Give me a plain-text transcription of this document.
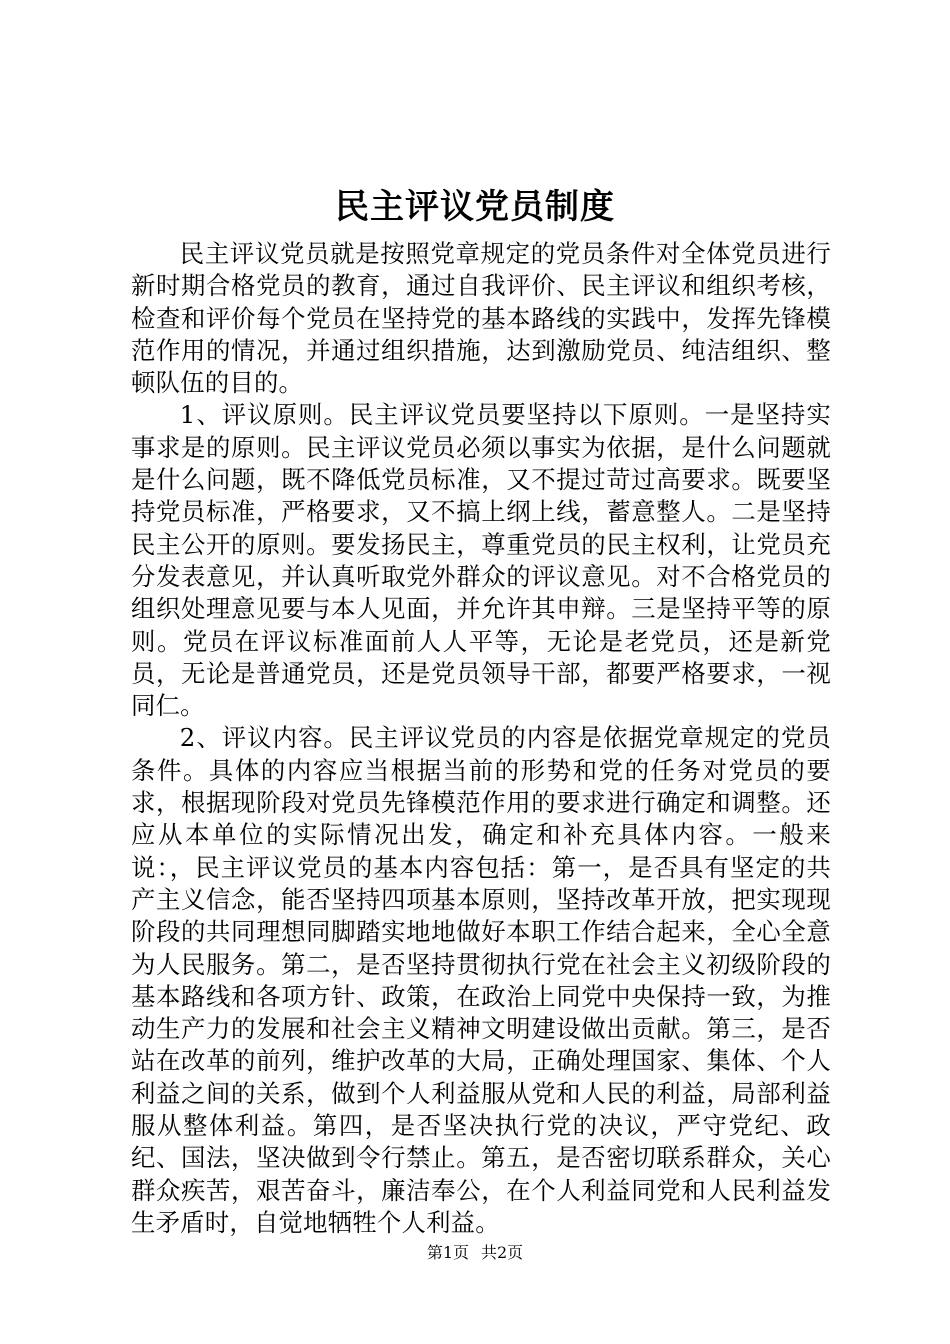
民主评议党员制度

民主评议党员就是按照党章规定的党员条件对全体党员进行新时期合格党员的教育，通过自我评价、民主评议和组织考核，检查和评价每个党员在坚持党的基本路线的实践中，发挥先锋模范作用的情况，并通过组织措施，达到激励党员、纯洁组织、整顿队伍的目的。

1、评议原则。民主评议党员要坚持以下原则。一是坚持实事求是的原则。民主评议党员必须以事实为依据，是什么问题就是什么问题，既不降低党员标准，又不提过苛过高要求。既要坚持党员标准，严格要求，又不搞上纲上线，蓄意整人。二是坚持民主公开的原则。要发扬民主，尊重党员的民主权利，让党员充分发表意见，并认真听取党外群众的评议意见。对不合格党员的组织处理意见要与本人见面，并允许其申辩。三是坚持平等的原则。党员在评议标准面前人人平等，无论是老党员，还是新党员，无论是普通党员，还是党员领导干部，都要严格要求，一视同仁。

2、评议内容。民主评议党员的内容是依据党章规定的党员条件。具体的内容应当根据当前的形势和党的任务对党员的要求，根据现阶段对党员先锋模范作用的要求进行确定和调整。还应从本单位的实际情况出发，确定和补充具体内容。一般来说：，民主评议党员的基本内容包括：第一，是否具有坚定的共产主义信念，能否坚持四项基本原则，坚持改革开放，把实现现阶段的共同理想同脚踏实地地做好本职工作结合起来，全心全意为人民服务。第二，是否坚持贯彻执行党在社会主义初级阶段的基本路线和各项方针、政策，在政治上同党中央保持一致，为推动生产力的发展和社会主义精神文明建设做出贡献。第三，是否站在改革的前列，维护改革的大局，正确处理国家、集体、个人利益之间的关系，做到个人利益服从党和人民的利益，局部利益服从整体利益。第四，是否坚决执行党的决议，严守党纪、政纪、国法，坚决做到令行禁止。第五，是否密切联系群众，关心群众疾苦，艰苦奋斗，廉洁奉公，在个人利益同党和人民利益发生矛盾时，自觉地牺牲个人利益。

第1页 共2页
